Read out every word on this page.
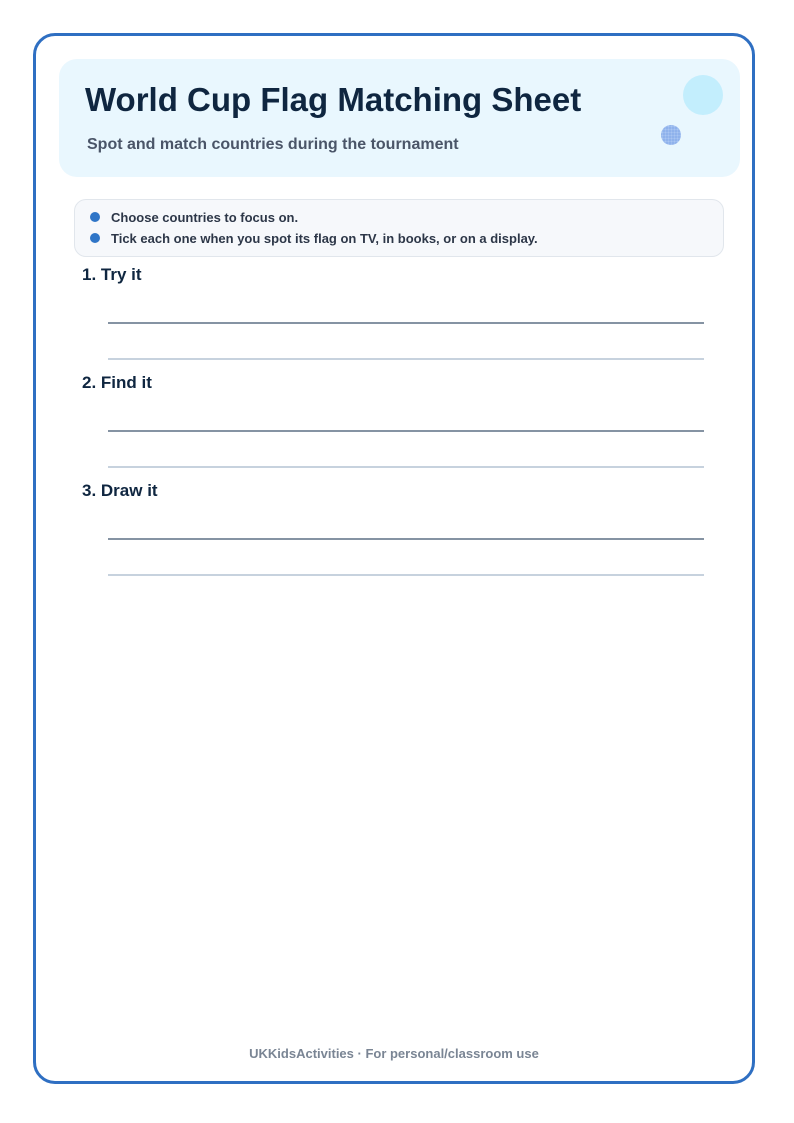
World Cup Flag Matching Sheet

Spot and match countries during the tournament

Choose countries to focus on.
Tick each one when you spot its flag on TV, in books, or on a display.
1. Try it
2. Find it
3. Draw it

UKKidsActivities · For personal/classroom use
